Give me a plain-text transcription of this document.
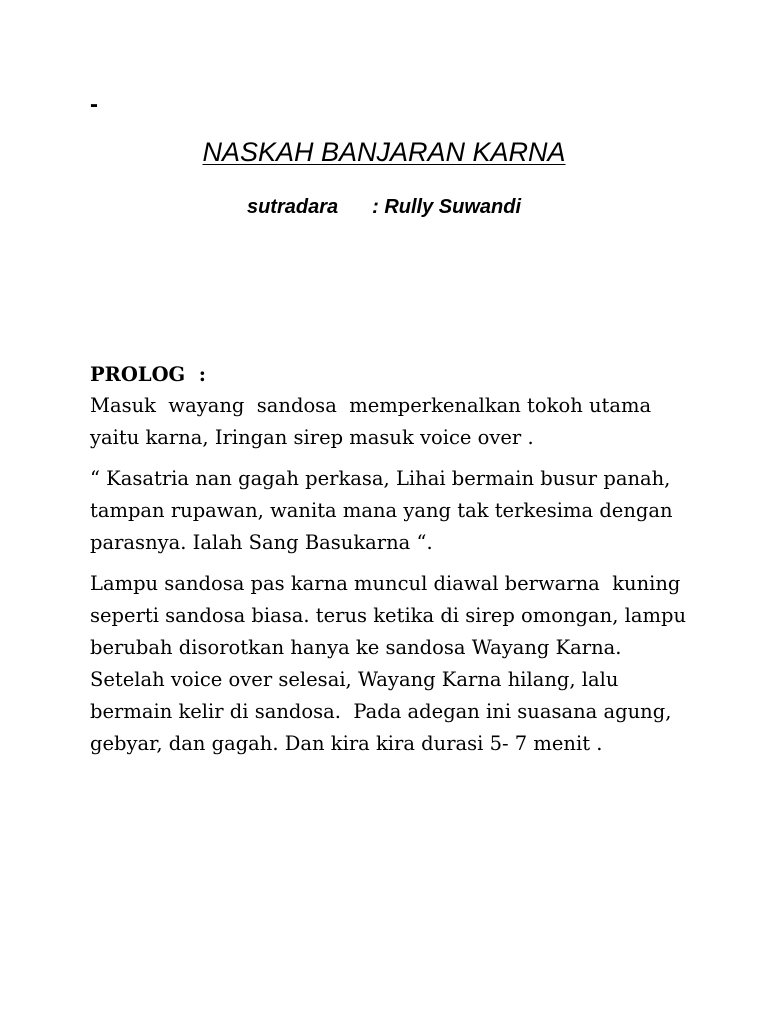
-
NASKAH BANJARAN KARNA
sutradara : Rully Suwandi

PROLOG  :

Masuk  wayang  sandosa  memperkenalkan tokoh utama
yaitu karna, Iringan sirep masuk voice over .

“ Kasatria nan gagah perkasa, Lihai bermain busur panah,
tampan rupawan, wanita mana yang tak terkesima dengan
parasnya. Ialah Sang Basukarna “.

Lampu sandosa pas karna muncul diawal berwarna  kuning
seperti sandosa biasa. terus ketika di sirep omongan, lampu
berubah disorotkan hanya ke sandosa Wayang Karna.
Setelah voice over selesai, Wayang Karna hilang, lalu
bermain kelir di sandosa.  Pada adegan ini suasana agung,
gebyar, dan gagah. Dan kira kira durasi 5- 7 menit .
